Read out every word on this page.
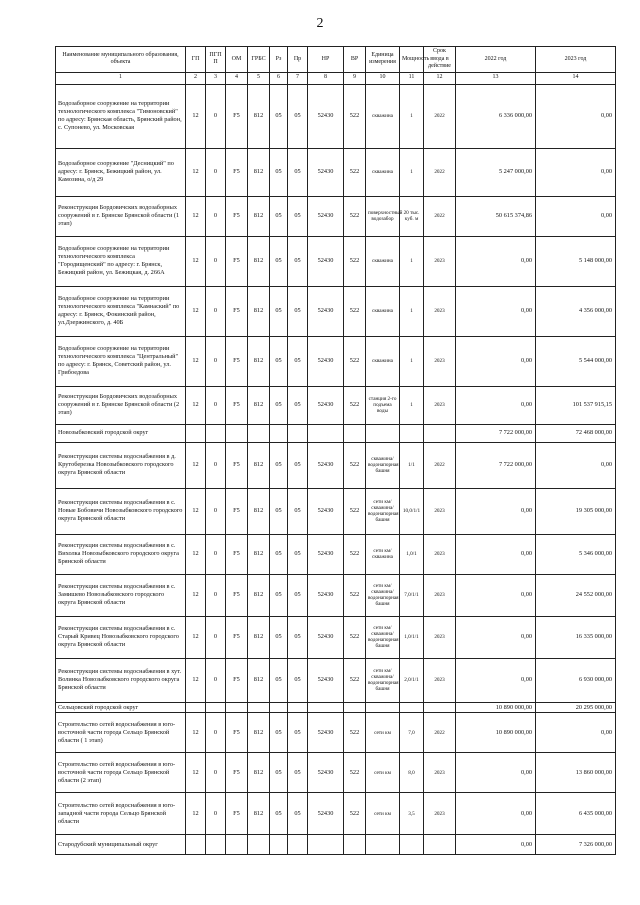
2
Наименование муниципального образования, объекта	ГП	ПГП П	ОМ	ГРБС	Рз	Пр	НР	ВР	Единица измерения	Мощность	Срок ввода в действие	2022 год	2023 год
1	2	3	4	5	6	7	8	9	10	11	12	13	14
Водозаборное сооружение на территории технологического комплекса "Тимоновский" по адресу: Брянская область, Брянский район, с. Супонево, ул. Московская	12	0	F5	812	05	05	52430	522	скважина	1	2022	6 336 000,00	0,00
Водозаборное сооружение "Десницкий" по адресу: г. Брянск, Бежицкий район, ул. Камозина, о/д 29	12	0	F5	812	05	05	52430	522	скважина	1	2022	5 247 000,00	0,00
Реконструкция Бордовичских водозаборных сооружений в г. Брянске Брянской области (1 этап)	12	0	F5	812	05	05	52430	522	поверхностный водозабор	20 тыс. куб. м	2022	50 615 374,86	0,00
Водозаборное сооружение на территории технологического комплекса "Городищенский" по адресу: г. Брянск, Бежицкий район, ул. Бежицкая, д. 266А	12	0	F5	812	05	05	52430	522	скважина	1	2023	0,00	5 148 000,00
Водозаборное сооружение на территории технологического комплекса "Камнаский" по адресу: г. Брянск, Фокинский район, ул.Дзержинского, д. 40Б	12	0	F5	812	05	05	52430	522	скважина	1	2023	0,00	4 356 000,00
Водозаборное сооружение на территории технологического комплекса "Центральный" по адресу: г. Брянск, Советский район, ул. Грибоедова	12	0	F5	812	05	05	52430	522	скважина	1	2023	0,00	5 544 000,00
Реконструкция Бордовичских водозаборных сооружений в г. Брянске Брянской области (2 этап)	12	0	F5	812	05	05	52430	522	станция 2-го подъема воды	1	2023	0,00	101 537 915,15
Новозыбковский городской округ												7 722 000,00	72 468 000,00
Реконструкция системы водоснабжения в д. Крутоберезка Новозыбковского городского округа Брянской области	12	0	F5	812	05	05	52430	522	скважина/водонапорная башня	1/1	2022	7 722 000,00	0,00
Реконструкция системы водоснабжения в с. Новые Бобовичи Новозыбковского городского округа Брянской области	12	0	F5	812	05	05	52430	522	сети км/скважина/водонапорная башня	10,0/1/1	2023	0,00	19 305 000,00
Реконструкция системы водоснабжения в с. Вихолка Новозыбковского городского округа Брянской области	12	0	F5	812	05	05	52430	522	сети км/скважина	1,0/1	2023	0,00	5 346 000,00
Реконструкция системы водоснабжения в с. Замишево Новозыбковского городского округа Брянской области	12	0	F5	812	05	05	52430	522	сети км/скважина/водонапорная башня	7,0/1/1	2023	0,00	24 552 000,00
Реконструкция системы водоснабжения в с. Старый Кривец Новозыбковского городского округа Брянской области	12	0	F5	812	05	05	52430	522	сети км/скважина/водонапорная башня	1,0/1/1	2023	0,00	16 335 000,00
Реконструкция системы водоснабжения в хут. Волинка Новозыбковского городского округа Брянской области	12	0	F5	812	05	05	52430	522	сети км/скважина/водонапорная башня	2,0/1/1	2023	0,00	6 930 000,00
Сельцовский городской округ												10 890 000,00	20 295 000,00
Строительство сетей водоснабжения в юго-восточной части города Сельцо Брянской области ( 1 этап)	12	0	F5	812	05	05	52430	522	сети км	7,0	2022	10 890 000,00	0,00
Строительство сетей водоснабжения в юго-восточной части города Сельцо Брянской области (2 этап)	12	0	F5	812	05	05	52430	522	сети км	8,0	2023	0,00	13 860 000,00
Строительство сетей водоснабжения в юго-западной части города Сельцо Брянской области	12	0	F5	812	05	05	52430	522	сети км	3,5	2023	0,00	6 435 000,00
Стародубский муниципальный округ												0,00	7 326 000,00
